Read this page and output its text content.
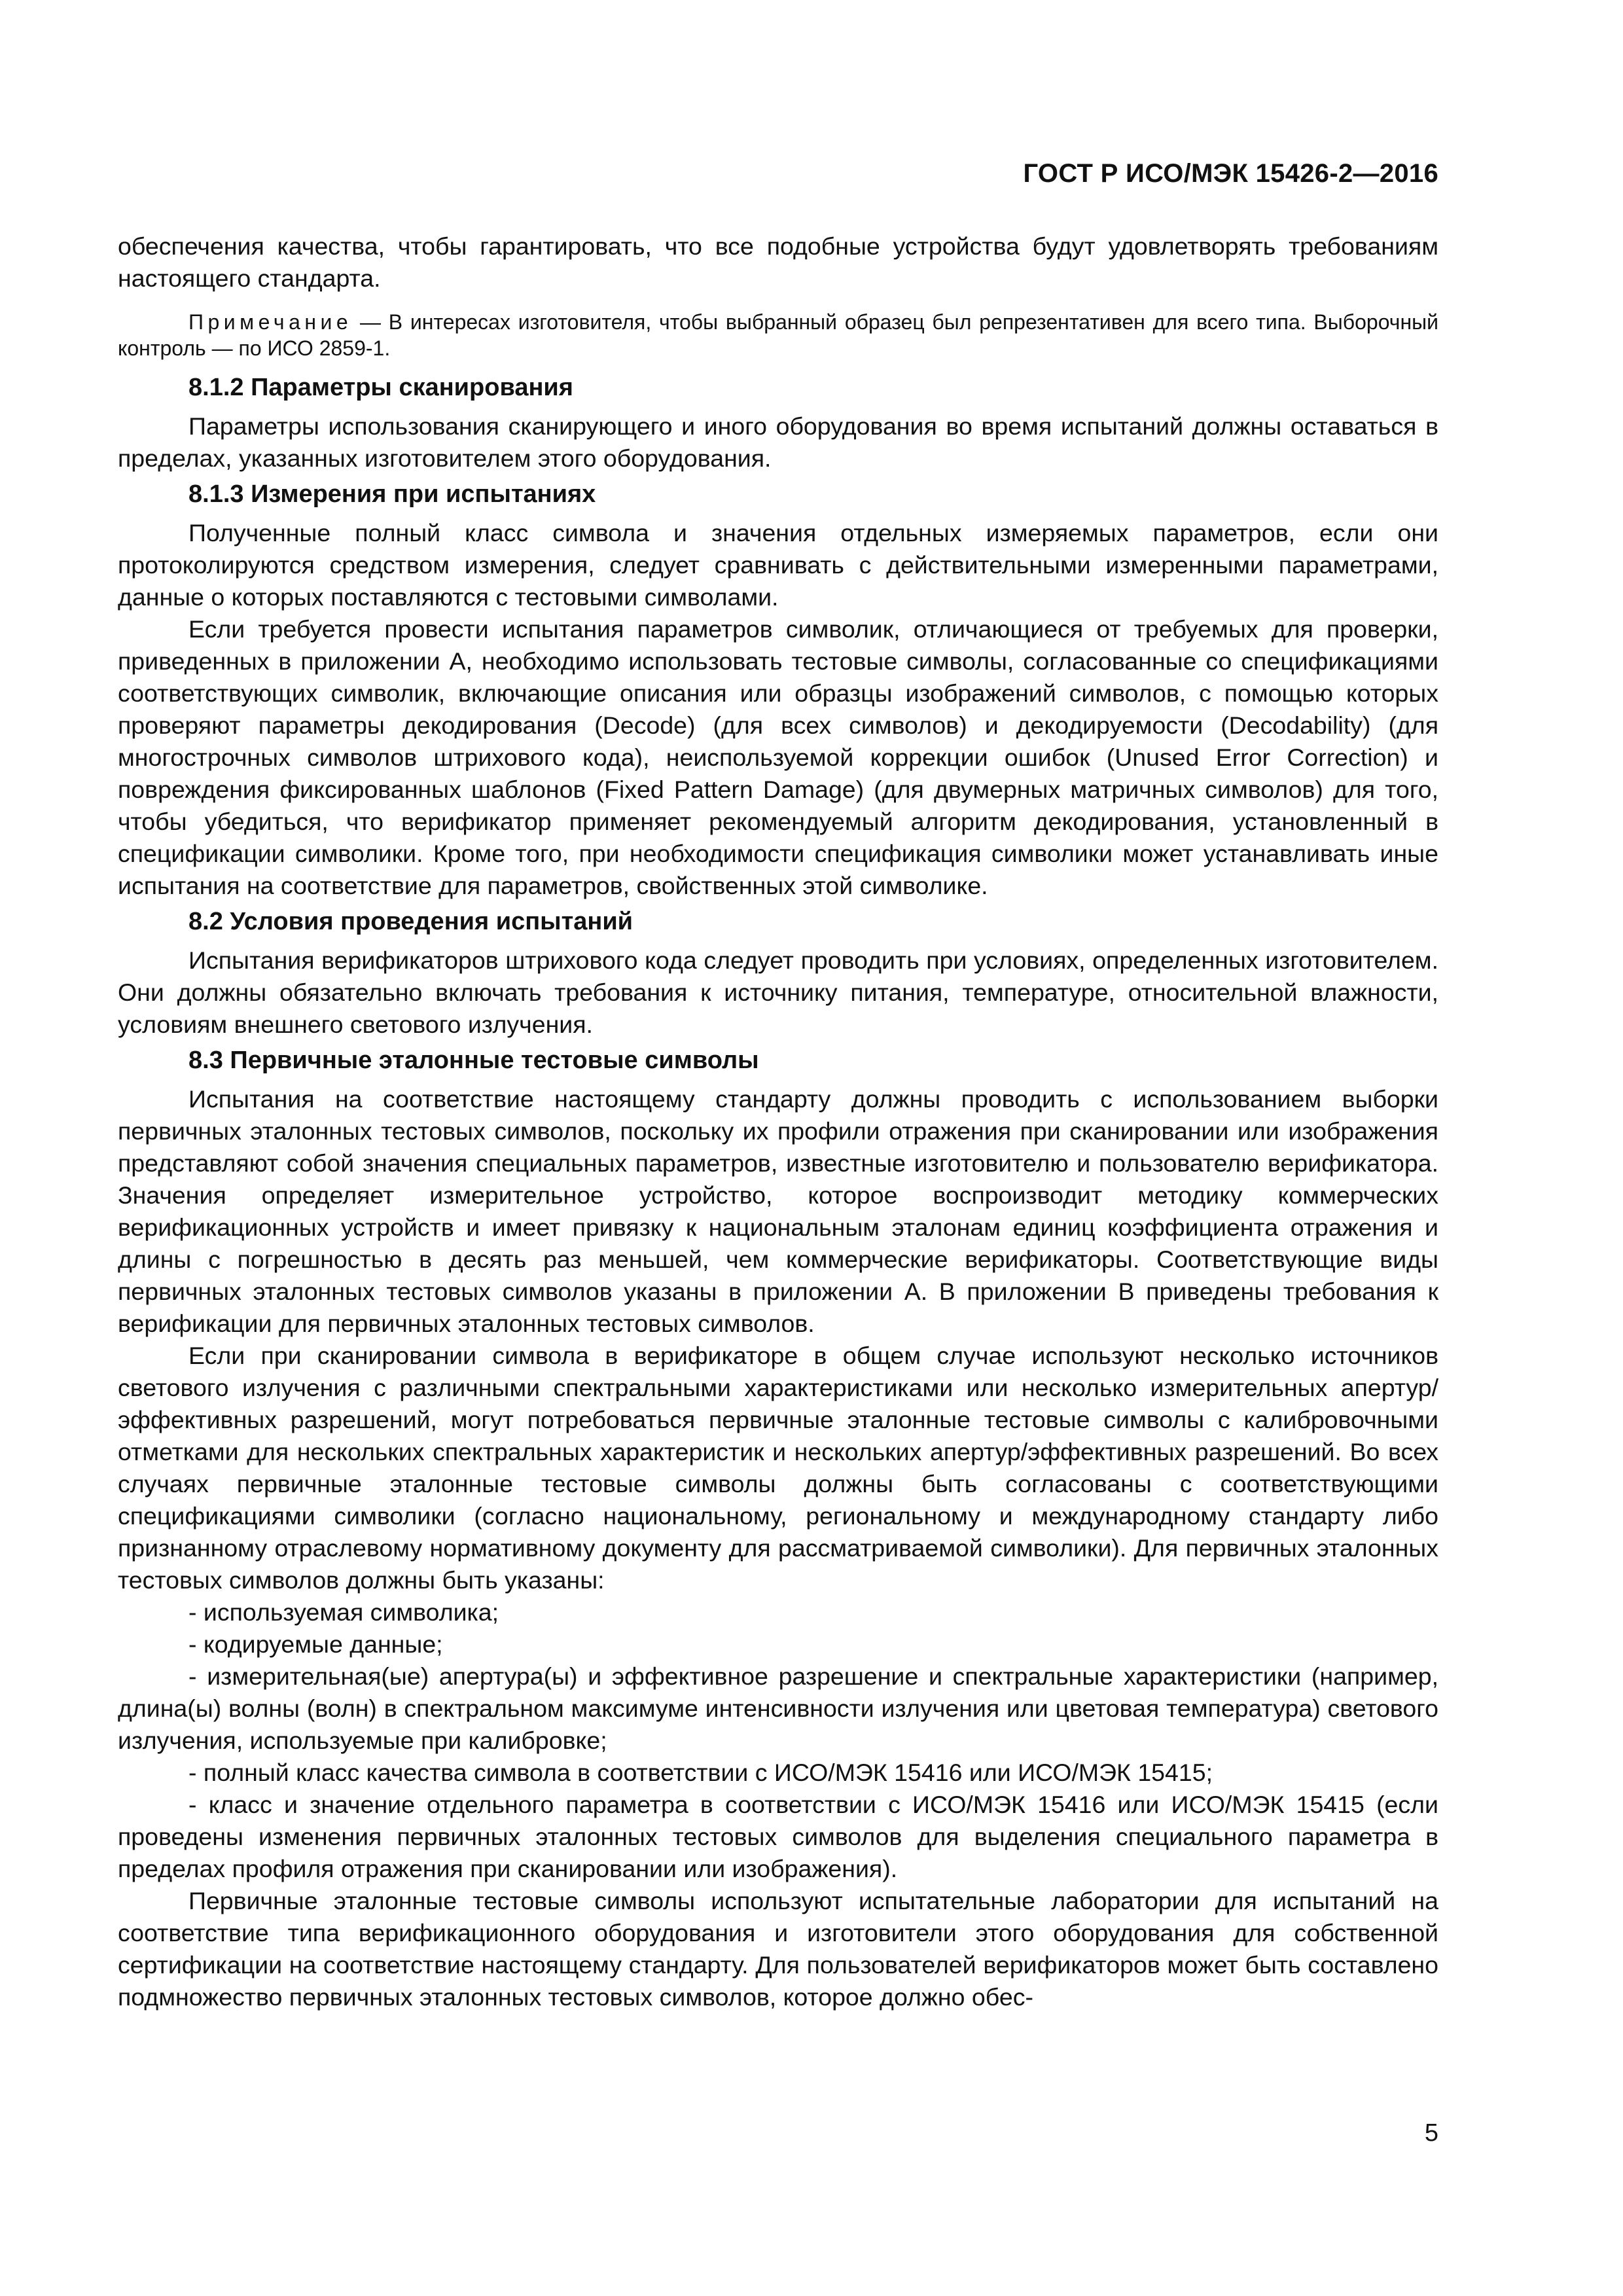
ГОСТ Р ИСО/МЭК 15426-2—2016

обеспечения качества, чтобы гарантировать, что все подобные устройства будут удовлетворять требованиям настоящего стандарта.

Примечание — В интересах изготовителя, чтобы выбранный образец был репрезентативен для всего типа. Выборочный контроль — по ИСО 2859-1.

8.1.2 Параметры сканирования

Параметры использования сканирующего и иного оборудования во время испытаний должны оставаться в пределах, указанных изготовителем этого оборудования.

8.1.3 Измерения при испытаниях

Полученные полный класс символа и значения отдельных измеряемых параметров, если они протоколируются средством измерения, следует сравнивать с действительными измеренными параметрами, данные о которых поставляются с тестовыми символами.

Если требуется провести испытания параметров символик, отличающиеся от требуемых для проверки, приведенных в приложении А, необходимо использовать тестовые символы, согласованные со спецификациями соответствующих символик, включающие описания или образцы изображений символов, с помощью которых проверяют параметры декодирования (Decode) (для всех символов) и декодируемости (Decodability) (для многострочных символов штрихового кода), неиспользуемой коррекции ошибок (Unused Error Correction) и повреждения фиксированных шаблонов (Fixed Pattern Damage) (для двумерных матричных символов) для того, чтобы убедиться, что верификатор применяет рекомендуемый алгоритм декодирования, установленный в спецификации символики. Кроме того, при необходимости спецификация символики может устанавливать иные испытания на соответствие для параметров, свойственных этой символике.

8.2 Условия проведения испытаний

Испытания верификаторов штрихового кода следует проводить при условиях, определенных изготовителем. Они должны обязательно включать требования к источнику питания, температуре, относительной влажности, условиям внешнего светового излучения.

8.3 Первичные эталонные тестовые символы

Испытания на соответствие настоящему стандарту должны проводить с использованием выборки первичных эталонных тестовых символов, поскольку их профили отражения при сканировании или изображения представляют собой значения специальных параметров, известные изготовителю и пользователю верификатора. Значения определяет измерительное устройство, которое воспроизводит методику коммерческих верификационных устройств и имеет привязку к национальным эталонам единиц коэффициента отражения и длины с погрешностью в десять раз меньшей, чем коммерческие верификаторы. Соответствующие виды первичных эталонных тестовых символов указаны в приложении А. В приложении В приведены требования к верификации для первичных эталонных тестовых символов.

Если при сканировании символа в верификаторе в общем случае используют несколько источников светового излучения с различными спектральными характеристиками или несколько измерительных апертур/эффективных разрешений, могут потребоваться первичные эталонные тестовые символы с калибровочными отметками для нескольких спектральных характеристик и нескольких апертур/эффективных разрешений. Во всех случаях первичные эталонные тестовые символы должны быть согласованы с соответствующими спецификациями символики (согласно национальному, региональному и международному стандарту либо признанному отраслевому нормативному документу для рассматриваемой символики). Для первичных эталонных тестовых символов должны быть указаны:

- используемая символика;

- кодируемые данные;

- измерительная(ые) апертура(ы) и эффективное разрешение и спектральные характеристики (например, длина(ы) волны (волн) в спектральном максимуме интенсивности излучения или цветовая температура) светового излучения, используемые при калибровке;

- полный класс качества символа в соответствии с ИСО/МЭК 15416 или ИСО/МЭК 15415;

- класс и значение отдельного параметра в соответствии с ИСО/МЭК 15416 или ИСО/МЭК 15415 (если проведены изменения первичных эталонных тестовых символов для выделения специального параметра в пределах профиля отражения при сканировании или изображения).

Первичные эталонные тестовые символы используют испытательные лаборатории для испытаний на соответствие типа верификационного оборудования и изготовители этого оборудования для собственной сертификации на соответствие настоящему стандарту. Для пользователей верификаторов может быть составлено подмножество первичных эталонных тестовых символов, которое должно обес-

5
